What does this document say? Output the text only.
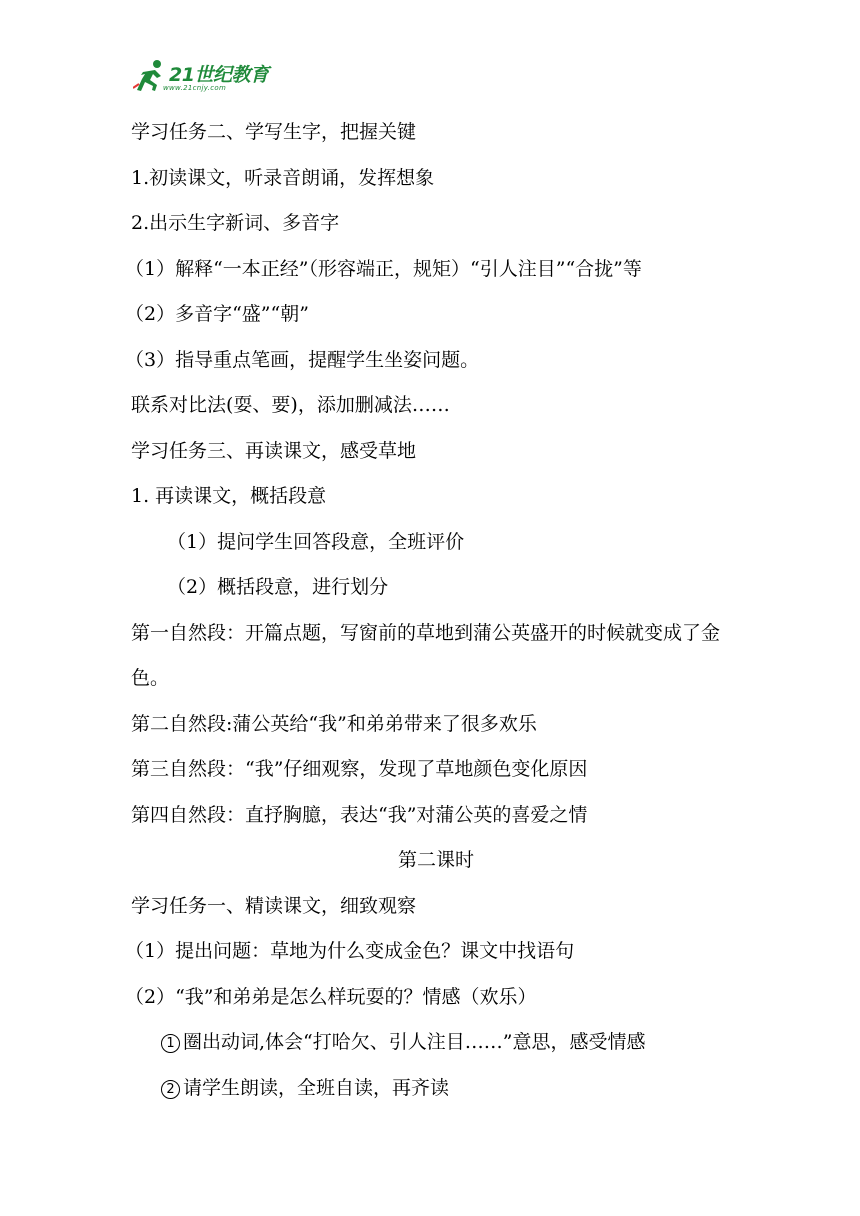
21世纪教育
www.21cnjy.com
学习任务二、学写生字，把握关键
1.初读课文，听录音朗诵，发挥想象
2.出示生字新词、多音字
（1）解释“一本正经”（形容端正，规矩）“引人注目”“合拢”等
（2）多音字“盛”“朝”
（3）指导重点笔画，提醒学生坐姿问题。
联系对比法(耍、要)，添加删减法……
学习任务三、再读课文，感受草地
1. 再读课文，概括段意
（1）提问学生回答段意，全班评价
（2）概括段意，进行划分
第一自然段：开篇点题，写窗前的草地到蒲公英盛开的时候就变成了金色。
第二自然段:蒲公英给“我”和弟弟带来了很多欢乐
第三自然段：“我”仔细观察，发现了草地颜色变化原因
第四自然段：直抒胸臆，表达“我”对蒲公英的喜爱之情
第二课时
学习任务一、精读课文，细致观察
（1）提出问题：草地为什么变成金色？课文中找语句
（2）“我”和弟弟是怎么样玩耍的？情感（欢乐）
1 圈出动词,体会“打哈欠、引人注目……”意思，感受情感
2 请学生朗读，全班自读，再齐读
